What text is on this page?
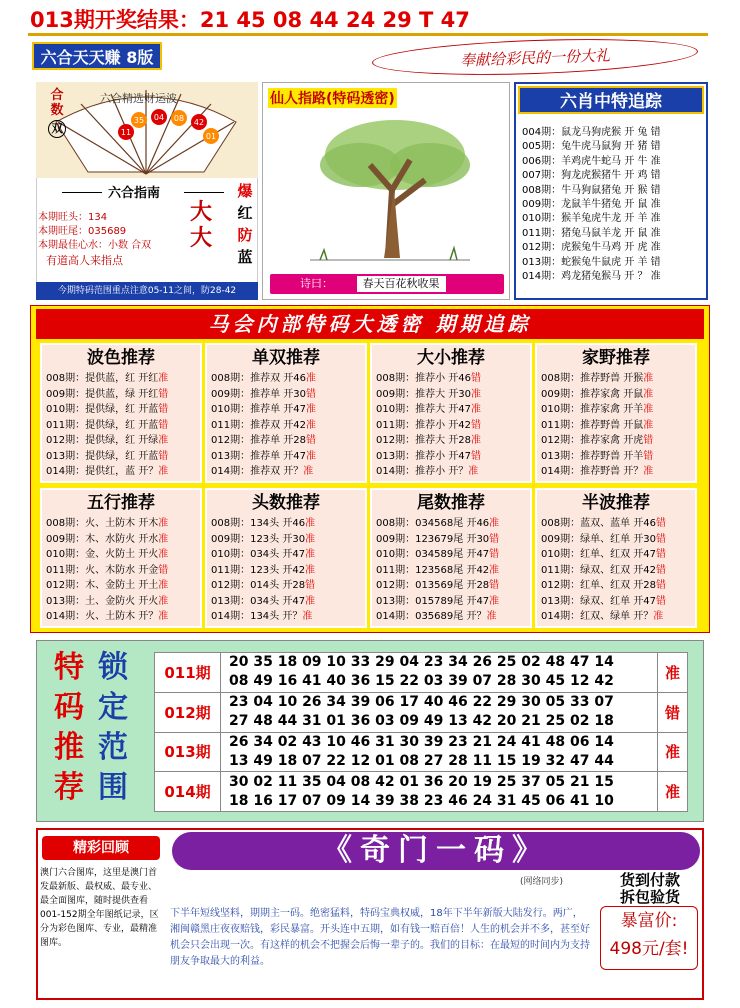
013期开奖结果：21 45 08 44 24 29 T 47
六合天天赚 8版	奉献给彩民的一份大礼
11
35 04 08 42
01
合数
双
六合精选财运波
六合指南
本期旺头：134
本期旺尾：035689
本期最佳心水：小数 合双
有道高人来指点
大
大
爆
红
防
蓝
今期特码范围重点注意05-11之间，防28-42
仙人指路(特码透密)
诗曰：	春天百花秋收果
六肖中特追踪
004期：鼠龙马狗虎猴 开 兔 错
005期：兔牛虎马鼠狗 开 猪 错
006期：羊鸡虎牛蛇马 开 牛 准
007期：狗龙虎猴猪牛 开 鸡 错
008期：牛马狗鼠猪兔 开 猴 错
009期：龙鼠羊牛猪兔 开 鼠 准
010期：猴羊兔虎牛龙 开 羊 准
011期：猪兔马鼠羊龙 开 鼠 准
012期：虎猴兔牛马鸡 开 虎 准
013期：蛇猴兔牛鼠虎 开 羊 错
014期：鸡龙猪兔猴马 开 ？ 准
马会内部特码大透密 期期追踪
波色推荐
008期：提供蓝，红 开红准
009期：提供蓝，绿 开红错
010期：提供绿，红 开蓝错
011期：提供绿，红 开蓝错
012期：提供绿，红 开绿准
013期：提供绿，红 开蓝错
014期：提供红，蓝 开？准
单双推荐
008期：推荐双 开46准
009期：推荐单 开30错
010期：推荐单 开47准
011期：推荐双 开42准
012期：推荐单 开28错
013期：推荐单 开47准
014期：推荐双 开？准
大小推荐
008期：推荐小 开46错
009期：推荐大 开30准
010期：推荐大 开47准
011期：推荐小 开42错
012期：推荐大 开28准
013期：推荐小 开47错
014期：推荐小 开？准
家野推荐
008期：推荐野兽 开猴准
009期：推荐家禽 开鼠准
010期：推荐家禽 开羊准
011期：推荐野兽 开鼠准
012期：推荐家禽 开虎错
013期：推荐野兽 开羊错
014期：推荐野兽 开？准
五行推荐
008期：火、土防木 开木准
009期：木、水防火 开水准
010期：金、火防土 开火准
011期：火、木防水 开金错
012期：木、金防土 开土准
013期：土、金防火 开火准
014期：火、土防木 开？准
头数推荐
008期：134头 开46准
009期：123头 开30准
010期：034头 开47准
011期：123头 开42准
012期：014头 开28错
013期：034头 开47准
014期：134头 开？准
尾数推荐
008期：034568尾 开46准
009期：123679尾 开30错
010期：034589尾 开47错
011期：123568尾 开42准
012期：013569尾 开28错
013期：015789尾 开47准
014期：035689尾 开？准
半波推荐
008期：蓝双、蓝单 开46错
009期：绿单、红单 开30错
010期：红单、红双 开47错
011期：绿双、红双 开42错
012期：红单、红双 开28错
013期：绿双、红单 开47错
014期：红双、绿单 开？准
特
码
推
荐
锁
定
范
围
011期	20 35 18 09 10 33 29 04 23 34 26 25 02 48 47 14
08 49 16 41 40 36 15 22 03 39 07 28 30 45 12 42	准
012期	23 04 10 26 34 39 06 17 40 46 22 29 30 05 33 07
27 48 44 31 01 36 03 09 49 13 42 20 21 25 02 18	错
013期	26 34 02 43 10 46 31 30 39 23 21 24 41 48 06 14
13 49 18 07 22 12 01 08 27 28 11 15 19 32 47 44	准
014期	30 02 11 35 04 08 42 01 36 20 19 25 37 05 21 15
18 16 17 07 09 14 39 38 23 46 24 31 45 06 41 10	准
精彩回顾
澳门六合图库，这里是澳门首发最新版、最权威、最专业、最全面图库，随时提供查看001-152期全年图纸记录，区分为彩色图库、专业，最精准图库。
《奇门一码》
(网络同步)
下半年短线坚料，期期主一码。绝密猛料，特码宝典权威，18年下半年新版大陆发行。两广，湘闽赣黑庄夜夜赔钱，彩民暴富。开头连中五期，如有钱一赔百倍！人生的机会并不多，甚至好机会只会出现一次。有这样的机会不把握会后悔一辈子的。我们的目标：在最短的时间内为支持朋友争取最大的利益。
货到付款
拆包验货
暴富价:
498元/套!
